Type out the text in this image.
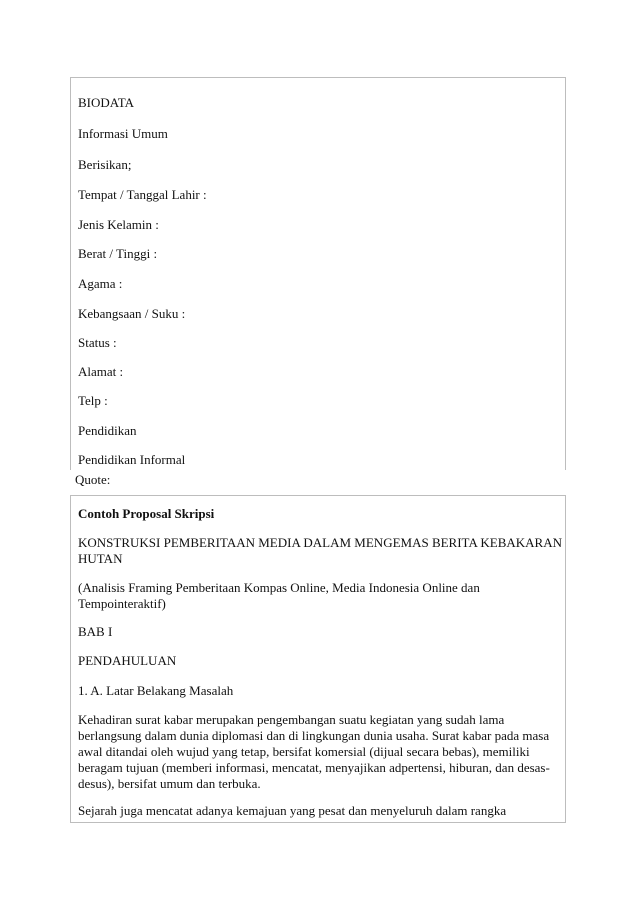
BIODATA

Informasi Umum

Berisikan;

Tempat / Tanggal Lahir :

Jenis Kelamin :

Berat / Tinggi :

Agama :

Kebangsaan / Suku :

Status :

Alamat :

Telp :

Pendidikan

Pendidikan Informal

Quote:

Contoh Proposal Skripsi

KONSTRUKSI PEMBERITAAN MEDIA DALAM MENGEMAS BERITA KEBAKARAN HUTAN

(Analisis Framing Pemberitaan Kompas Online, Media Indonesia Online dan Tempointeraktif)

BAB I

PENDAHULUAN

1. A. Latar Belakang Masalah

Kehadiran surat kabar merupakan pengembangan suatu kegiatan yang sudah lama berlangsung dalam dunia diplomasi dan di lingkungan dunia usaha. Surat kabar pada masa awal ditandai oleh wujud yang tetap, bersifat komersial (dijual secara bebas), memiliki beragam tujuan (memberi informasi, mencatat, menyajikan adpertensi, hiburan, dan desas-desus), bersifat umum dan terbuka.

Sejarah juga mencatat adanya kemajuan yang pesat dan menyeluruh dalam rangka
